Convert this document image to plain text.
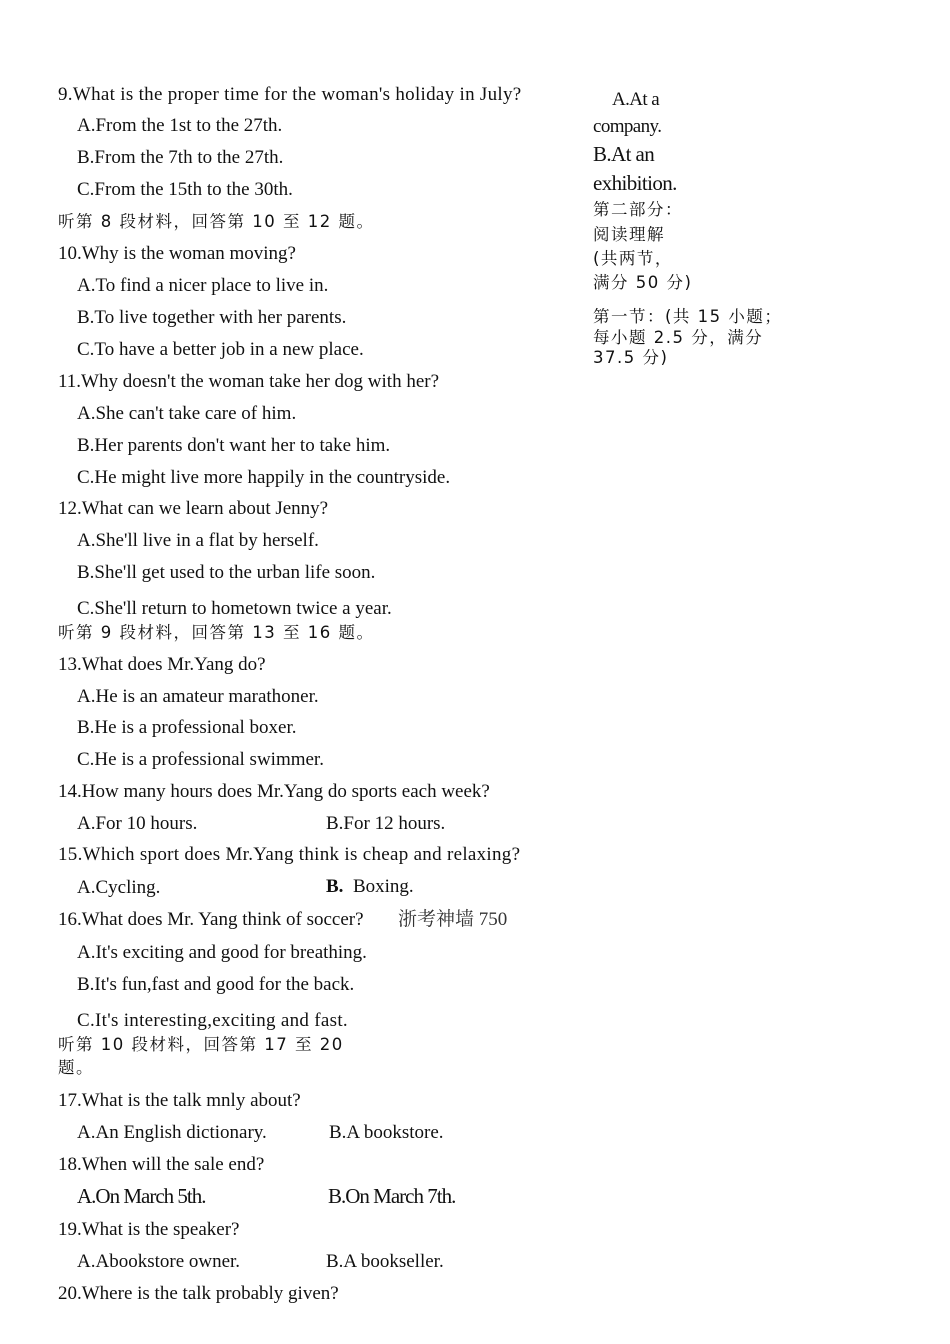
9.What is the proper time for the woman's holiday in July?
A.From the 1st to the 27th.
B.From the 7th to the 27th.
C.From the 15th to the 30th.
听第 8 段材料，回答第 10 至 12 题。
10.Why is the woman moving?
A.To find a nicer place to live in.
B.To live together with her parents.
C.To have a better job in a new place.
11.Why doesn't the woman take her dog with her?
A.She can't take care of him.
B.Her parents don't want her to take him.
C.He might live more happily in the countryside.
12.What can we learn about Jenny?
A.She'll live in a flat by herself.
B.She'll get used to the urban life soon.
C.She'll return to hometown twice a year.
听第 9 段材料，回答第 13 至 16 题。
13.What does Mr.Yang do?
A.He is an amateur marathoner.
B.He is a professional boxer.
C.He is a professional swimmer.
14.How many hours does Mr.Yang do sports each week?
A.For 10 hours.	B.For 12 hours.
15.Which sport does Mr.Yang think is cheap and relaxing?
A.Cycling.	B. Boxing.
16.What does Mr. Yang think of soccer? 浙考神墙 750
A.It's exciting and good for breathing.
B.It's fun,fast and good for the back.
C.It's interesting,exciting and fast.
听第 10 段材料，回答第 17 至 20
题。
17.What is the talk mnly about?
A.An English dictionary.	B.A bookstore.
18.When will the sale end?
A.On March 5th.	B.On March 7th.
19.What is the speaker?
A.Abookstore owner.	B.A bookseller.
20.Where is the talk probably given?
A.At a
company.
B.At an
exhibition.
第二部分：
阅读理解
(共两节，
满分 50 分)
第一节：(共 15 小题；
每小题 2.5 分，满分
37.5 分)
